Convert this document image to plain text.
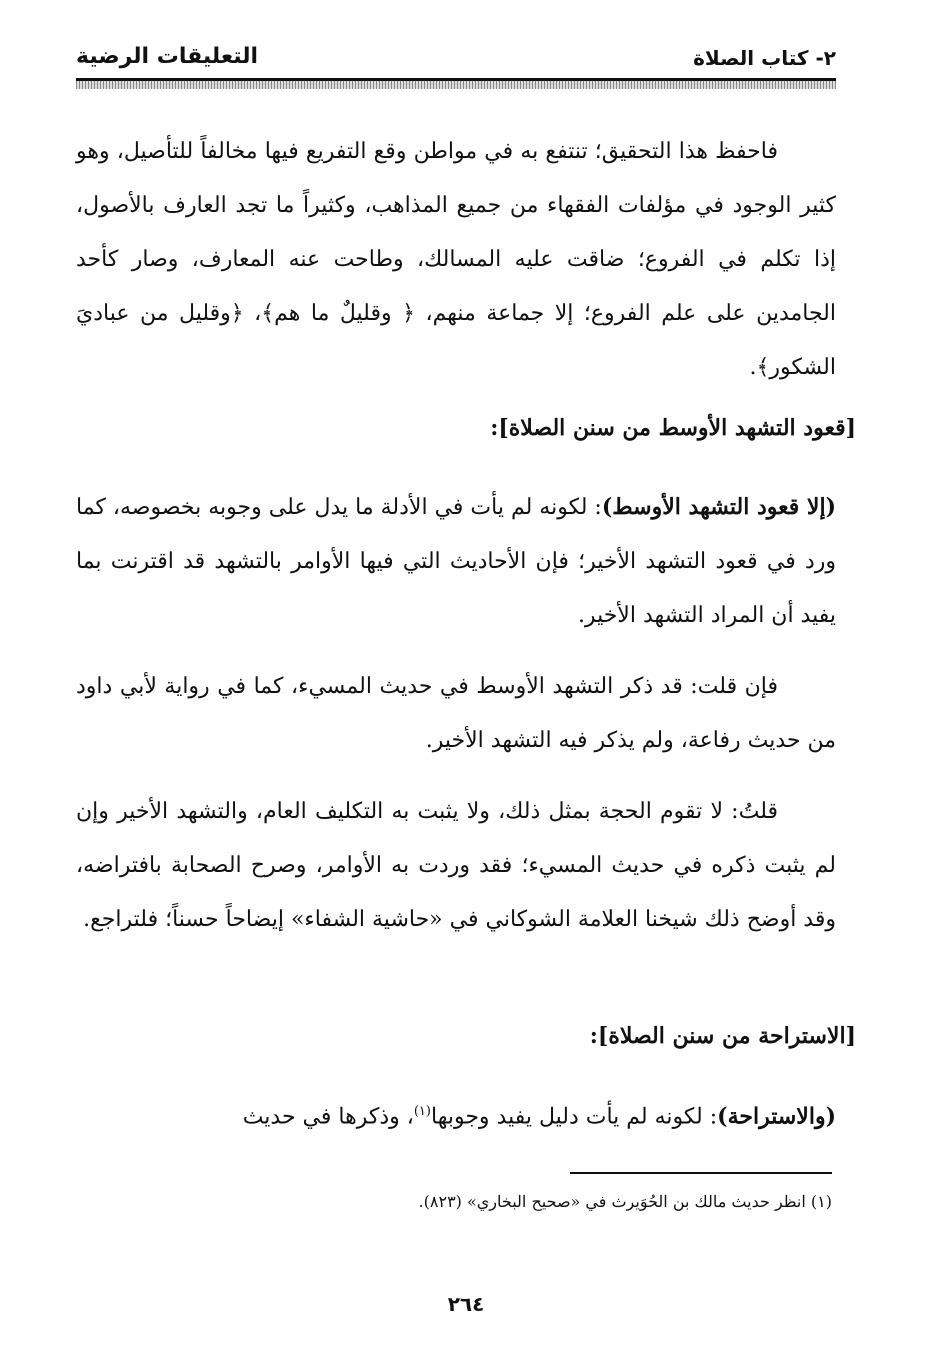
التعليقات الرضية	٢- كتاب الصلاة
فاحفظ هذا التحقيق؛ تنتفع به في مواطن وقع التفريع فيها مخالفاً للتأصيل، وهو كثير الوجود في مؤلفات الفقهاء من جميع المذاهب، وكثيراً ما تجد العارف بالأصول، إذا تكلم في الفروع؛ ضاقت عليه المسالك، وطاحت عنه المعارف، وصار كأحد الجامدين على علم الفروع؛ إلا جماعة منهم، ﴿ وقليلٌ ما هم﴾، ﴿وقليل من عباديَ الشكور﴾.
[قعود التشهد الأوسط من سنن الصلاة]:
(إلا قعود التشهد الأوسط): لكونه لم يأت في الأدلة ما يدل على وجوبه بخصوصه، كما ورد في قعود التشهد الأخير؛ فإن الأحاديث التي فيها الأوامر بالتشهد قد اقترنت بما يفيد أن المراد التشهد الأخير.
فإن قلت: قد ذكر التشهد الأوسط في حديث المسيء، كما في رواية لأبي داود من حديث رفاعة، ولم يذكر فيه التشهد الأخير.
قلتُ: لا تقوم الحجة بمثل ذلك، ولا يثبت به التكليف العام، والتشهد الأخير وإن لم يثبت ذكره في حديث المسيء؛ فقد وردت به الأوامر، وصرح الصحابة بافتراضه، وقد أوضح ذلك شيخنا العلامة الشوكاني في «حاشية الشفاء» إيضاحاً حسناً؛ فلتراجع.
[الاستراحة من سنن الصلاة]:
(والاستراحة): لكونه لم يأت دليل يفيد وجوبها$^{(١)}$، وذكرها في حديث
(١) انظر حديث مالك بن الحُوَيرث في «صحيح البخاري» (٨٢٣).
٢٦٤
